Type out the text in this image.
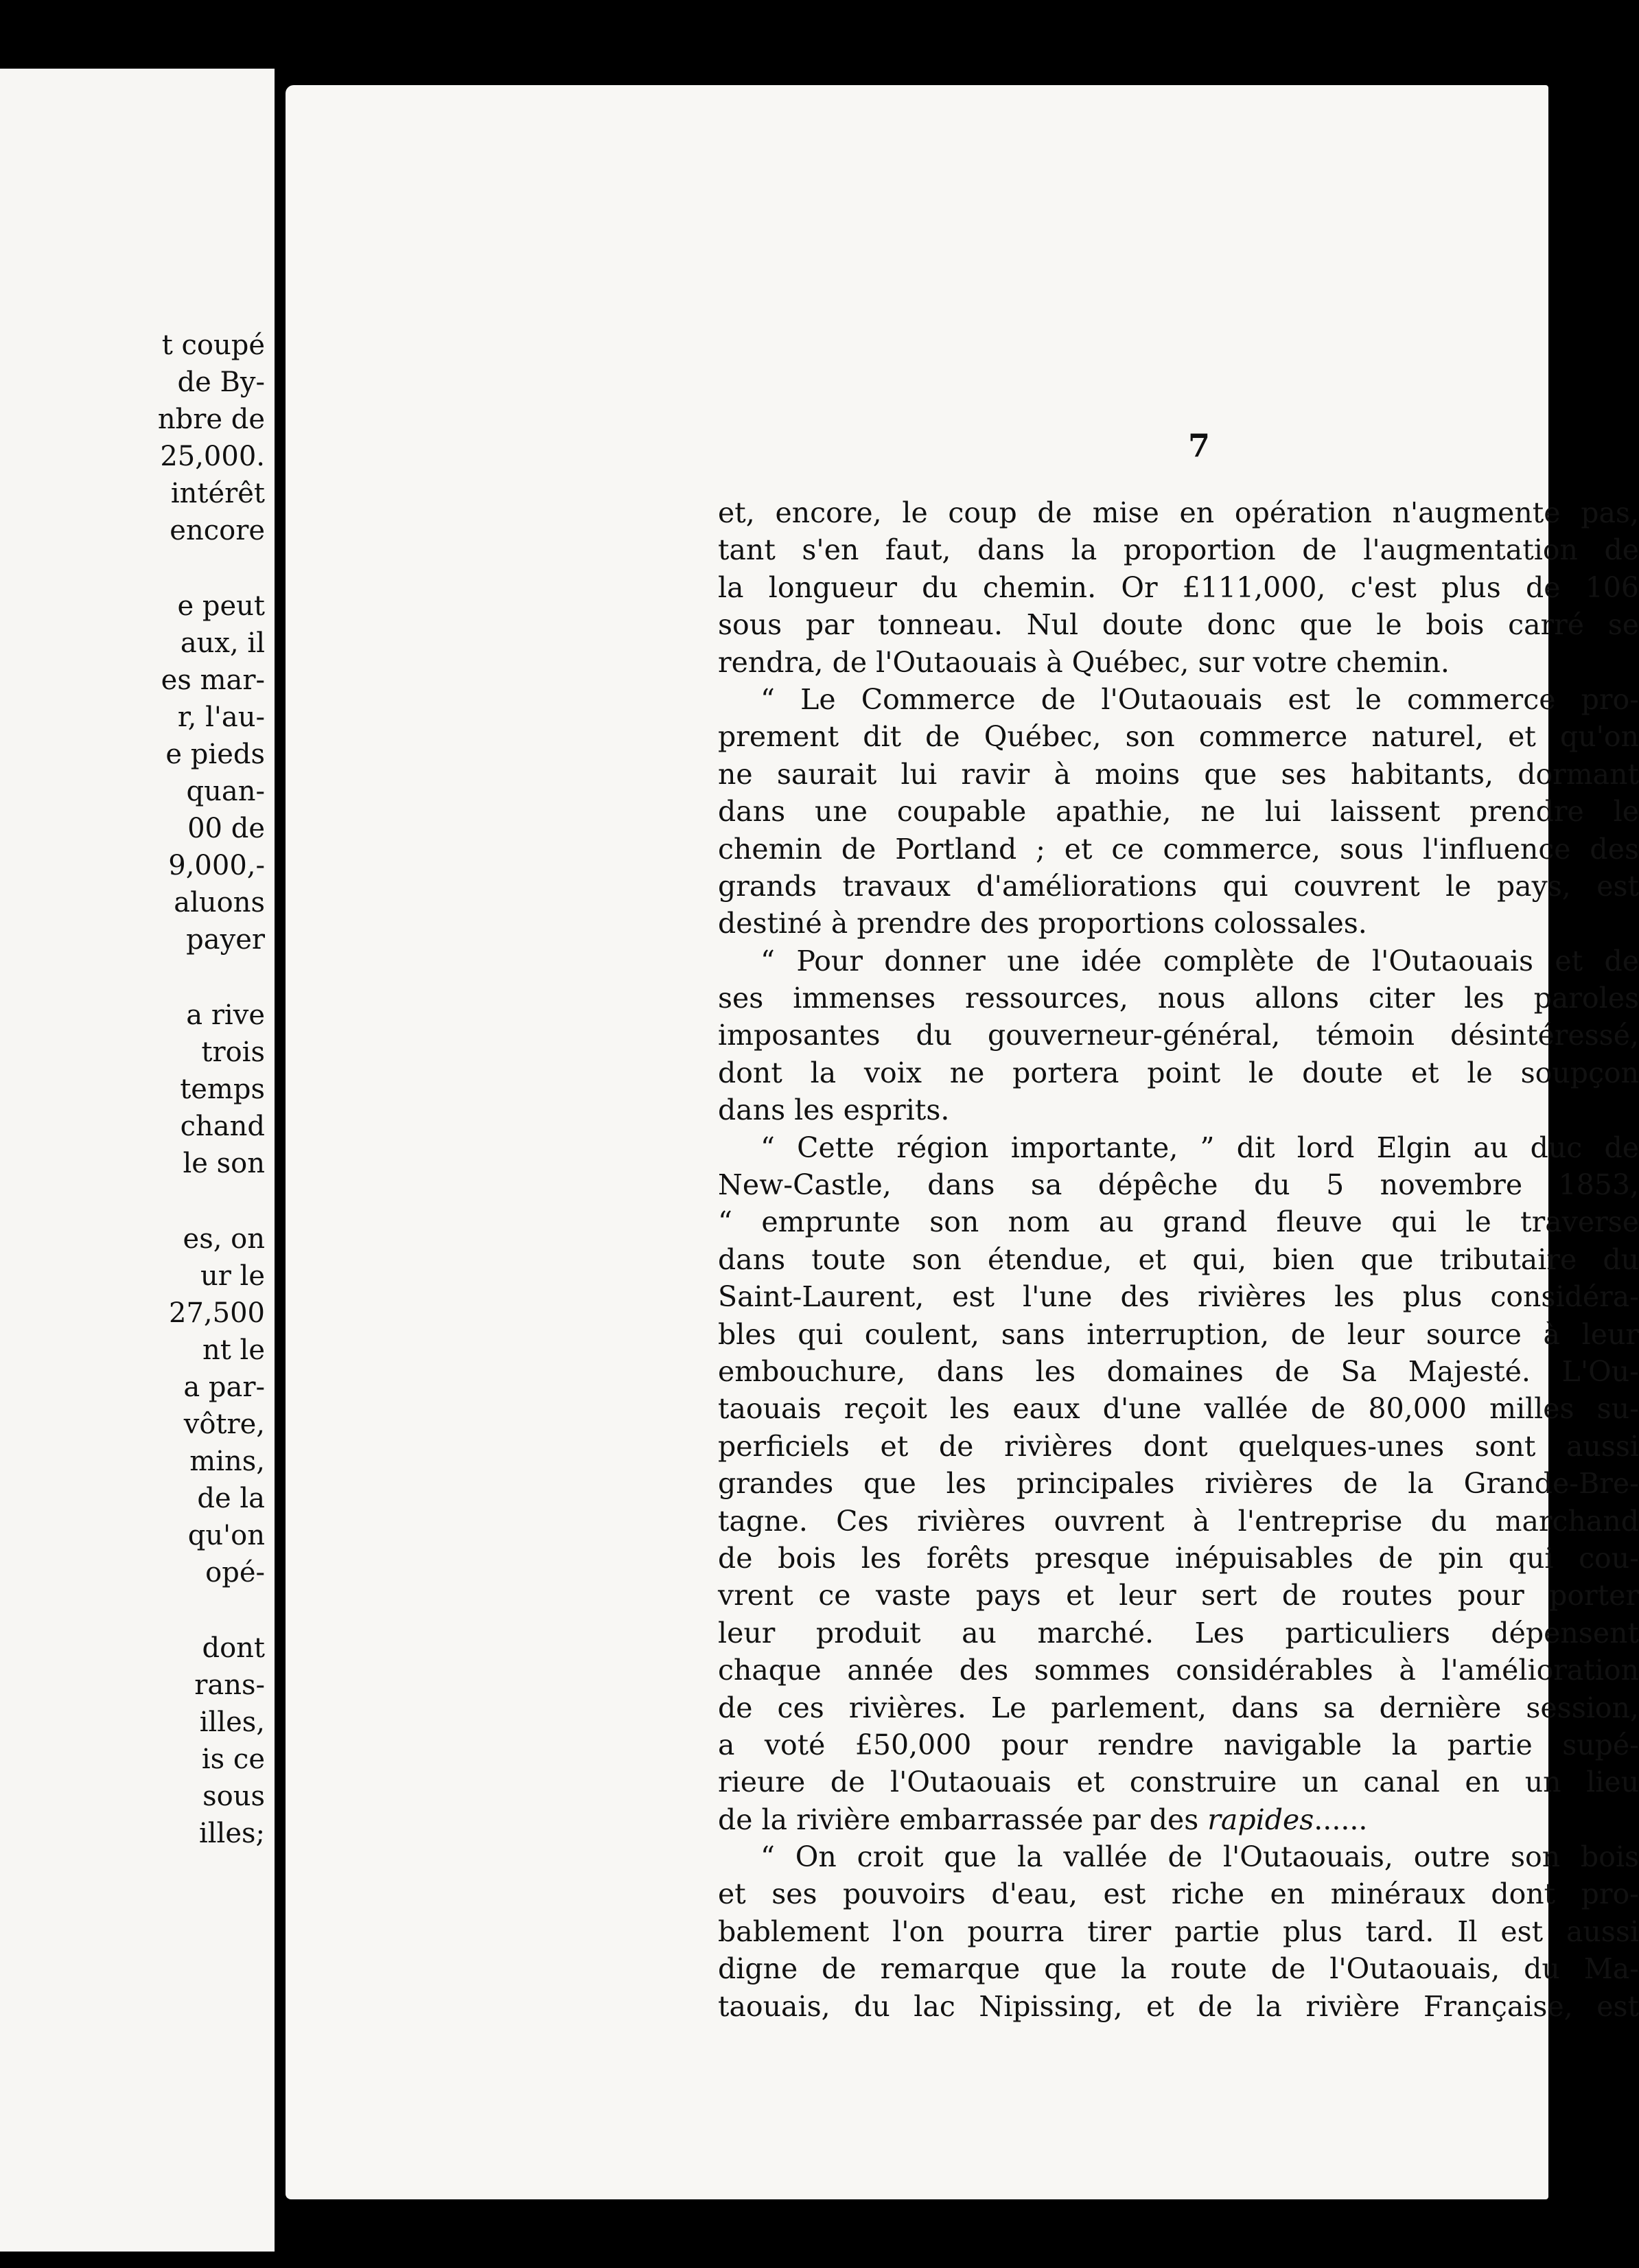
t coupé
de By-
nbre de
25,000.
intérêt
encore
e peut
aux, il
es mar-
r, l'au-
e pieds
quan-
00 de
9,000,-
aluons
payer
a rive
trois
temps
chand
le son
es, on
ur le
27,500
nt le
a par-
vôtre,
mins,
de la
qu'on
opé-
dont
rans-
illes,
is ce
sous
illes;
7
et, encore, le coup de mise en opération n'augmente pas,
tant s'en faut, dans la proportion de l'augmentation de
la longueur du chemin. Or £111,000, c'est plus de 106
sous par tonneau. Nul doute donc que le bois carré se
rendra, de l'Outaouais à Québec, sur votre chemin.
“ Le Commerce de l'Outaouais est le commerce pro-
prement dit de Québec, son commerce naturel, et qu'on
ne saurait lui ravir à moins que ses habitants, dormant
dans une coupable apathie, ne lui laissent prendre le
chemin de Portland ; et ce commerce, sous l'influence des
grands travaux d'améliorations qui couvrent le pays, est
destiné à prendre des proportions colossales.
“ Pour donner une idée complète de l'Outaouais et de
ses immenses ressources, nous allons citer les paroles
imposantes du gouverneur-général, témoin désintéressé,
dont la voix ne portera point le doute et le soupçon
dans les esprits.
“ Cette région importante, ” dit lord Elgin au duc de
New-Castle, dans sa dépêche du 5 novembre 1853,
“ emprunte son nom au grand fleuve qui le traverse
dans toute son étendue, et qui, bien que tributaire du
Saint-Laurent, est l'une des rivières les plus considéra-
bles qui coulent, sans interruption, de leur source à leur
embouchure, dans les domaines de Sa Majesté. L'Ou-
taouais reçoit les eaux d'une vallée de 80,000 milles su-
perficiels et de rivières dont quelques-unes sont aussi
grandes que les principales rivières de la Grande-Bre-
tagne. Ces rivières ouvrent à l'entreprise du marchand
de bois les forêts presque inépuisables de pin qui cou-
vrent ce vaste pays et leur sert de routes pour porter
leur produit au marché. Les particuliers dépensent
chaque année des sommes considérables à l'amélioration
de ces rivières. Le parlement, dans sa dernière session,
a voté £50,000 pour rendre navigable la partie supé-
rieure de l'Outaouais et construire un canal en un lieu
de la rivière embarrassée par des rapides......
“ On croit que la vallée de l'Outaouais, outre son bois
et ses pouvoirs d'eau, est riche en minéraux dont pro-
bablement l'on pourra tirer partie plus tard. Il est aussi
digne de remarque que la route de l'Outaouais, du Ma-
taouais, du lac Nipissing, et de la rivière Française, est
